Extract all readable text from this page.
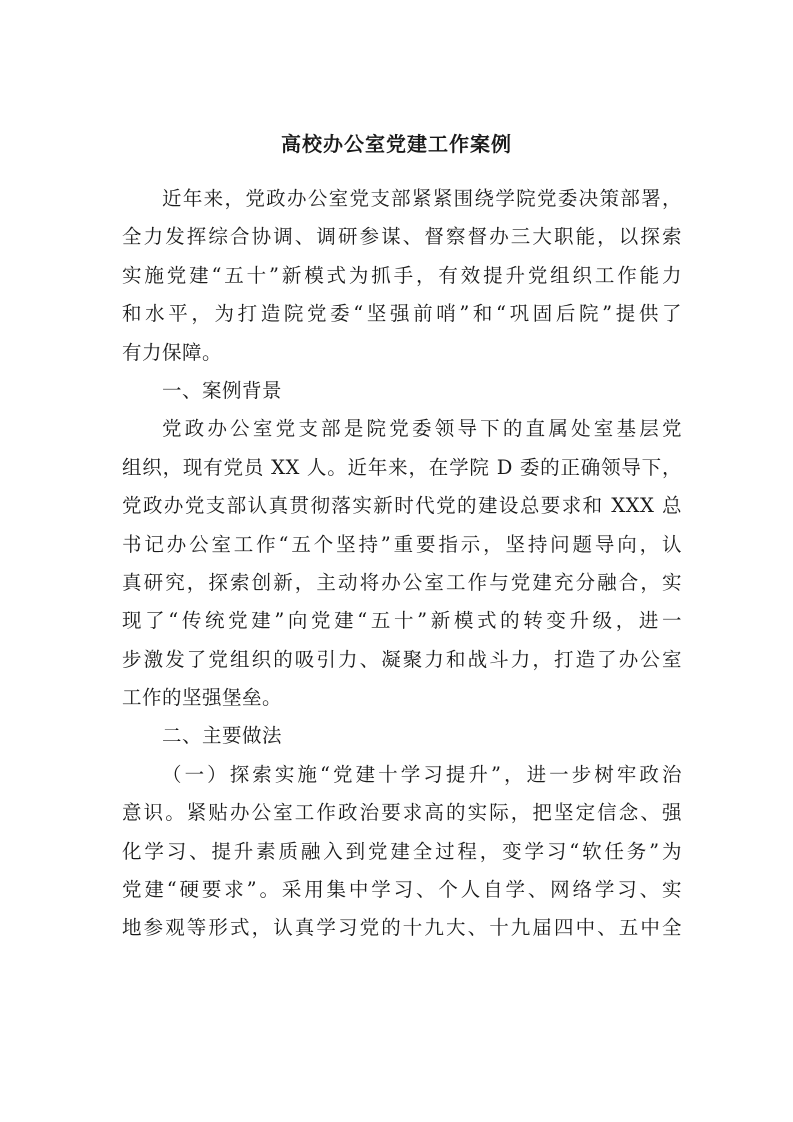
高校办公室党建工作案例
近年来，党政办公室党支部紧紧围绕学院党委决策部署，
全力发挥综合协调、调研参谋、督察督办三大职能，以探索
实施党建“五十”新模式为抓手，有效提升党组织工作能力
和水平，为打造院党委“坚强前哨”和“巩固后院”提供了
有力保障。
一、案例背景
党政办公室党支部是院党委领导下的直属处室基层党
组织，现有党员 XX 人。近年来，在学院 D 委的正确领导下，
党政办党支部认真贯彻落实新时代党的建设总要求和 XXX 总
书记办公室工作“五个坚持”重要指示，坚持问题导向，认
真研究，探索创新，主动将办公室工作与党建充分融合，实
现了“传统党建”向党建“五十”新模式的转变升级，进一
步激发了党组织的吸引力、凝聚力和战斗力，打造了办公室
工作的坚强堡垒。
二、主要做法
（一）探索实施“党建十学习提升”，进一步树牢政治
意识。紧贴办公室工作政治要求高的实际，把坚定信念、强
化学习、提升素质融入到党建全过程，变学习“软任务”为
党建“硬要求”。采用集中学习、个人自学、网络学习、实
地参观等形式，认真学习党的十九大、十九届四中、五中全
